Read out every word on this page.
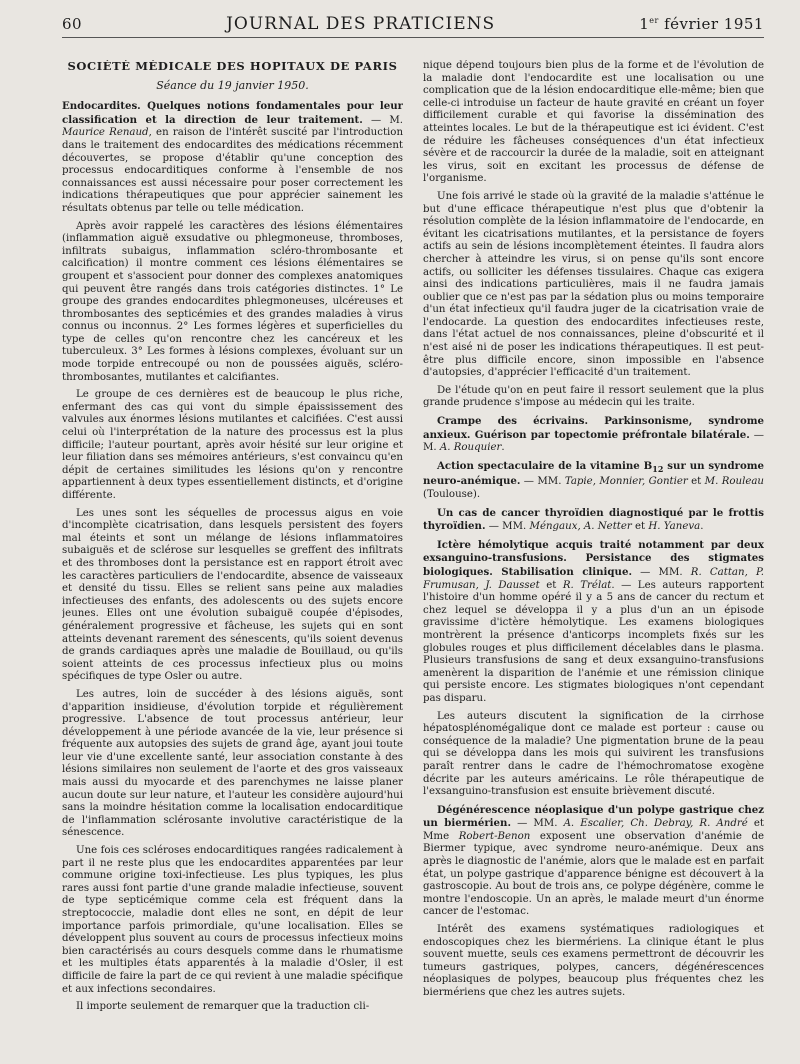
60	JOURNAL DES PRATICIENS	1er février 1951
SOCIÉTÉ MÉDICALE DES HOPITAUX DE PARIS
Séance du 19 janvier 1950.

Endocardites. Quelques notions fondamentales pour leur classification et la direction de leur traitement. — M. Maurice Renaud, en raison de l'intérêt suscité par l'introduction dans le traitement des endocardites des médications récemment découvertes, se propose d'établir qu'une conception des processus endocarditiques conforme à l'ensemble de nos connaissances est aussi nécessaire pour poser correctement les indications thérapeutiques que pour apprécier sainement les résultats obtenus par telle ou telle médication.

Après avoir rappelé les caractères des lésions élémentaires (inflammation aiguë exsudative ou phlegmoneuse, thromboses, infiltrats subaigus, inflammation scléro-thrombosante et calcification) il montre comment ces lésions élémentaires se groupent et s'associent pour donner des complexes anatomiques qui peuvent être rangés dans trois catégories distinctes. 1° Le groupe des grandes endocardites phlegmoneuses, ulcéreuses et thrombosantes des septicémies et des grandes maladies à virus connus ou inconnus. 2° Les formes légères et superficielles du type de celles qu'on rencontre chez les cancéreux et les tuberculeux. 3° Les formes à lésions complexes, évoluant sur un mode torpide entrecoupé ou non de poussées aiguës, scléro-thrombosantes, mutilantes et calcifiantes.

Le groupe de ces dernières est de beaucoup le plus riche, enfermant des cas qui vont du simple épaississement des valvules aux énormes lésions mutilantes et calcifiées. C'est aussi celui où l'interprétation de la nature des processus est la plus difficile; l'auteur pourtant, après avoir hésité sur leur origine et leur filiation dans ses mémoires antérieurs, s'est convaincu qu'en dépit de certaines similitudes les lésions qu'on y rencontre appartiennent à deux types essentiellement distincts, et d'origine différente.

Les unes sont les séquelles de processus aigus en voie d'incomplète cicatrisation, dans lesquels persistent des foyers mal éteints et sont un mélange de lésions inflammatoires subaiguës et de sclérose sur lesquelles se greffent des infiltrats et des thromboses dont la persistance est en rapport étroit avec les caractères particuliers de l'endocardite, absence de vaisseaux et densité du tissu. Elles se relient sans peine aux maladies infectieuses des enfants, des adolescents ou des sujets encore jeunes. Elles ont une évolution subaiguë coupée d'épisodes, généralement progressive et fâcheuse, les sujets qui en sont atteints devenant rarement des sénescents, qu'ils soient devenus de grands cardiaques après une maladie de Bouillaud, ou qu'ils soient atteints de ces processus infectieux plus ou moins spécifiques de type Osler ou autre.

Les autres, loin de succéder à des lésions aiguës, sont d'apparition insidieuse, d'évolution torpide et régulièrement progressive. L'absence de tout processus antérieur, leur développement à une période avancée de la vie, leur présence si fréquente aux autopsies des sujets de grand âge, ayant joui toute leur vie d'une excellente santé, leur association constante à des lésions similaires non seulement de l'aorte et des gros vaisseaux mais aussi du myocarde et des parenchymes ne laisse planer aucun doute sur leur nature, et l'auteur les considère aujourd'hui sans la moindre hésitation comme la localisation endocarditique de l'inflammation sclérosante involutive caractéristique de la sénescence.

Une fois ces scléroses endocarditiques rangées radicalement à part il ne reste plus que les endocardites apparentées par leur commune origine toxi-infectieuse. Les plus typiques, les plus rares aussi font partie d'une grande maladie infectieuse, souvent de type septicémique comme cela est fréquent dans la streptococcie, maladie dont elles ne sont, en dépit de leur importance parfois primordiale, qu'une localisation. Elles se développent plus souvent au cours de processus infectieux moins bien caractérisés au cours desquels comme dans le rhumatisme et les multiples états apparentés à la maladie d'Osler, il est difficile de faire la part de ce qui revient à une maladie spécifique et aux infections secondaires.

Il importe seulement de remarquer que la traduction cli-

nique dépend toujours bien plus de la forme et de l'évolution de la maladie dont l'endocardite est une localisation ou une complication que de la lésion endocarditique elle-même; bien que celle-ci introduise un facteur de haute gravité en créant un foyer difficilement curable et qui favorise la dissémination des atteintes locales. Le but de la thérapeutique est ici évident. C'est de réduire les fâcheuses conséquences d'un état infectieux sévère et de raccourcir la durée de la maladie, soit en atteignant les virus, soit en excitant les processus de défense de l'organisme.

Une fois arrivé le stade où la gravité de la maladie s'atténue le but d'une efficace thérapeutique n'est plus que d'obtenir la résolution complète de la lésion inflammatoire de l'endocarde, en évitant les cicatrisations mutilantes, et la persistance de foyers actifs au sein de lésions incomplètement éteintes. Il faudra alors chercher à atteindre les virus, si on pense qu'ils sont encore actifs, ou solliciter les défenses tissulaires. Chaque cas exigera ainsi des indications particulières, mais il ne faudra jamais oublier que ce n'est pas par la sédation plus ou moins temporaire d'un état infectieux qu'il faudra juger de la cicatrisation vraie de l'endocarde. La question des endocardites infectieuses reste, dans l'état actuel de nos connaissances, pleine d'obscurité et il n'est aisé ni de poser les indications thérapeutiques. Il est peut-être plus difficile encore, sinon impossible en l'absence d'autopsies, d'apprécier l'efficacité d'un traitement.

De l'étude qu'on en peut faire il ressort seulement que la plus grande prudence s'impose au médecin qui les traite.

Crampe des écrivains. Parkinsonisme, syndrome anxieux. Guérison par topectomie préfrontale bilatérale. — M. A. Rouquier.

Action spectaculaire de la vitamine $B_{12}$ sur un syndrome neuro-anémique. — MM. Tapie, Monnier, Gontier et M. Rouleau (Toulouse).

Un cas de cancer thyroïdien diagnostiqué par le frottis thyroïdien. — MM. Méngaux, A. Netter et H. Yaneva.

Ictère hémolytique acquis traité notamment par deux exsanguino-transfusions. Persistance des stigmates biologiques. Stabilisation clinique. — MM. R. Cattan, P. Frumusan, J. Dausset et R. Trélat. — Les auteurs rapportent l'histoire d'un homme opéré il y a 5 ans de cancer du rectum et chez lequel se développa il y a plus d'un an un épisode gravissime d'ictère hémolytique. Les examens biologiques montrèrent la présence d'anticorps incomplets fixés sur les globules rouges et plus difficilement décelables dans le plasma. Plusieurs transfusions de sang et deux exsanguino-transfusions amenèrent la disparition de l'anémie et une rémission clinique qui persiste encore. Les stigmates biologiques n'ont cependant pas disparu.

Les auteurs discutent la signification de la cirrhose hépatosplénomégalique dont ce malade est porteur : cause ou conséquence de la maladie? Une pigmentation brune de la peau qui se développa dans les mois qui suivirent les transfusions paraît rentrer dans le cadre de l'hémochromatose exogène décrite par les auteurs américains. Le rôle thérapeutique de l'exsanguino-transfusion est ensuite brièvement discuté.

Dégénérescence néoplasique d'un polype gastrique chez un biermérien. — MM. A. Escalier, Ch. Debray, R. André et Mme Robert-Benon exposent une observation d'anémie de Biermer typique, avec syndrome neuro-anémique. Deux ans après le diagnostic de l'anémie, alors que le malade est en parfait état, un polype gastrique d'apparence bénigne est découvert à la gastroscopie. Au bout de trois ans, ce polype dégénère, comme le montre l'endoscopie. Un an après, le malade meurt d'un énorme cancer de l'estomac.

Intérêt des examens systématiques radiologiques et endoscopiques chez les biermériens. La clinique étant le plus souvent muette, seuls ces examens permettront de découvrir les tumeurs gastriques, polypes, cancers, dégénérescences néoplasiques de polypes, beaucoup plus fréquentes chez les biermériens que chez les autres sujets.
